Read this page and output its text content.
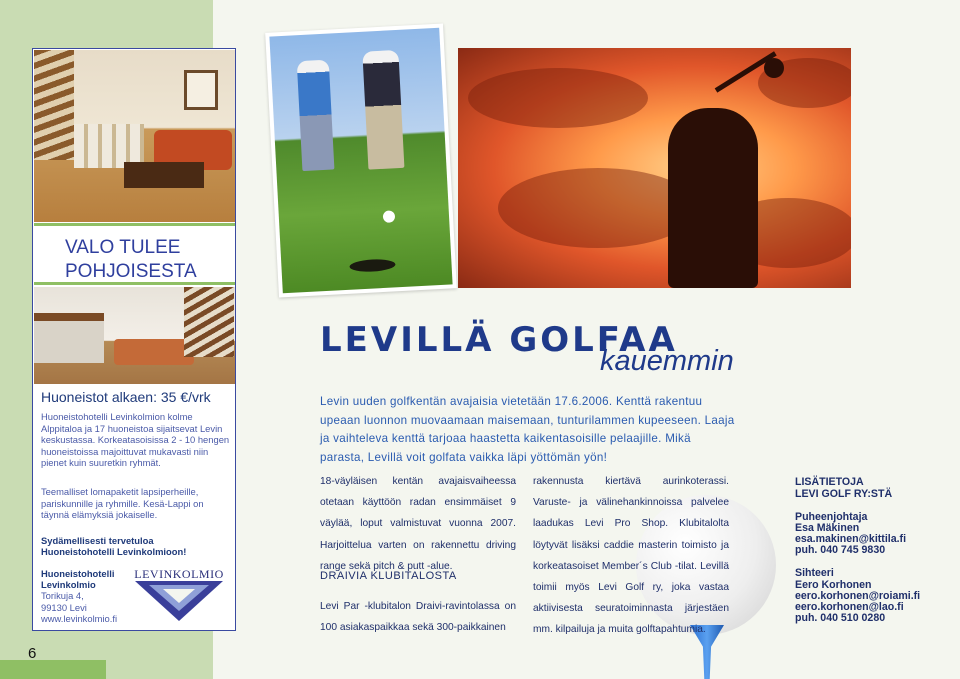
6
VALO TULEE
POHJOISESTA
Huoneistot alkaen: 35 €/vrk
Huoneistohotelli Levinkolmion kolme Alppitaloa ja 17 huoneistoa sijaitsevat Levin keskustassa. Korkeatasoisissa 2 - 10 hengen huoneistoissa majoittuvat mukavasti niin pienet kuin suuretkin ryhmät.
Teemalliset lomapaketit lapsiperheille, pariskunnille ja ryhmille. Kesä-Lappi on täynnä elämyksiä jokaiselle.
Sydämellisesti tervetuloa
Huoneistohotelli Levinkolmioon!
Huoneistohotelli
Levinkolmio
Torikuja 4,
99130 Levi
www.levinkolmio.fi
LEVINKOLMIO
LEVILLÄ GOLFAA
kauemmin
Levin uuden golfkentän avajaisia vietetään 17.6.2006. Kenttä rakentuu upeaan luonnon muovaamaan maisemaan, tunturilammen kupeeseen. Laaja ja vaihteleva kenttä tarjoaa haastetta kaikentasoisille pelaajille. Mikä parasta, Levillä voit golfata vaikka läpi yöttömän yön!
18-väyläisen kentän avajaisvaiheessa otetaan käyttöön radan ensimmäiset 9 väylää, loput valmistuvat vuonna 2007. Harjoittelua varten on rakennettu driving range sekä pitch & putt -alue.
DRAIVIA KLUBITALOSTA
Levi Par -klubitalon Draivi-ravintolassa on 100 asiakaspaikkaa sekä 300-paikkainen
rakennusta kiertävä aurinkoterassi. Varuste- ja välinehankinnoissa palvelee laadukas Levi Pro Shop. Klubitalolta löytyvät lisäksi caddie masterin toimisto ja korkeatasoiset Member´s Club -tilat. Levillä toimii myös Levi Golf ry, joka vastaa aktiivisesta seuratoiminnasta järjestäen mm. kilpailuja ja muita golftapahtumia.
LISÄTIETOJA
LEVI GOLF RY:STÄ
Puheenjohtaja
Esa Mäkinen
esa.makinen@kittila.fi
puh. 040 745 9830
Sihteeri
Eero Korhonen
eero.korhonen@roiami.fi
eero.korhonen@lao.fi
puh. 040 510 0280
